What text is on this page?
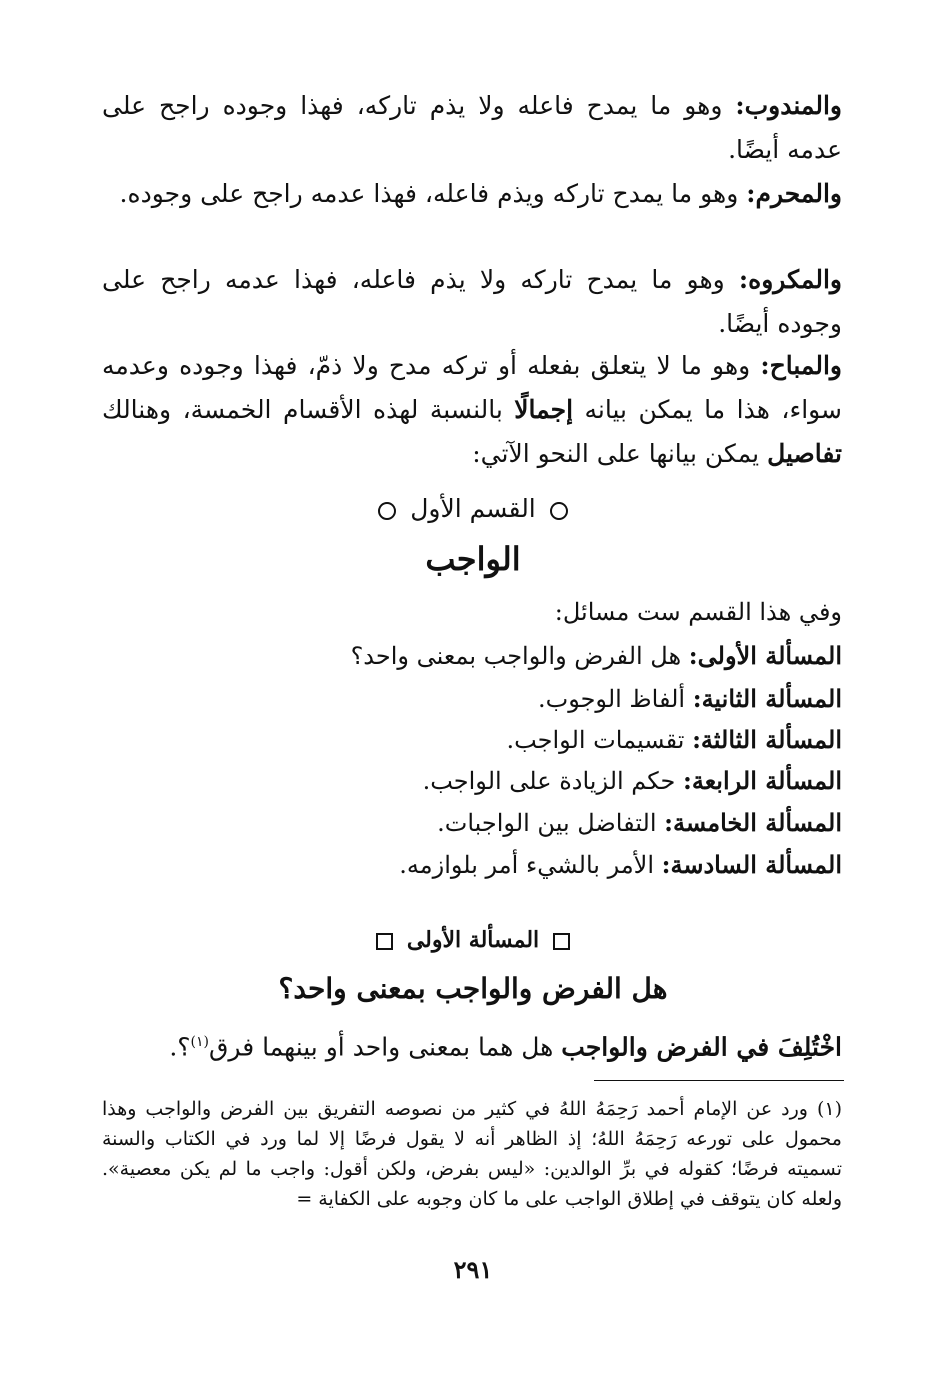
والمندوب: وهو ما يمدح فاعله ولا يذم تاركه، فهذا وجوده راجح على عدمه أيضًا.

والمحرم: وهو ما يمدح تاركه ويذم فاعله، فهذا عدمه راجح على وجوده.

والمكروه: وهو ما يمدح تاركه ولا يذم فاعله، فهذا عدمه راجح على وجوده أيضًا.

والمباح: وهو ما لا يتعلق بفعله أو تركه مدح ولا ذمّ، فهذا وجوده وعدمه سواء، هذا ما يمكن بيانه إجمالًا بالنسبة لهذه الأقسام الخمسة، وهنالك تفاصيل يمكن بيانها على النحو الآتي:

القسم الأول
الواجب
وفي هذا القسم ست مسائل:
المسألة الأولى: هل الفرض والواجب بمعنى واحد؟
المسألة الثانية: ألفاظ الوجوب.
المسألة الثالثة: تقسيمات الواجب.
المسألة الرابعة: حكم الزيادة على الواجب.
المسألة الخامسة: التفاضل بين الواجبات.
المسألة السادسة: الأمر بالشيء أمر بلوازمه.
المسألة الأولى
هل الفرض والواجب بمعنى واحد؟

اخْتُلِفَ في الفرض والواجب هل هما بمعنى واحد أو بينهما فرق$^{(١)}$؟.

(١) ورد عن الإمام أحمد رَحِمَهُ اللهُ في كثير من نصوصه التفريق بين الفرض والواجب وهذا محمول على تورعه رَحِمَهُ اللهُ؛ إذ الظاهر أنه لا يقول فرضًا إلا لما ورد في الكتاب والسنة تسميته فرضًا؛ كقوله في برِّ الوالدين: «ليس بفرض، ولكن أقول: واجب ما لم يكن معصية». ولعله كان يتوقف في إطلاق الواجب على ما كان وجوبه على الكفاية =

٢٩١
